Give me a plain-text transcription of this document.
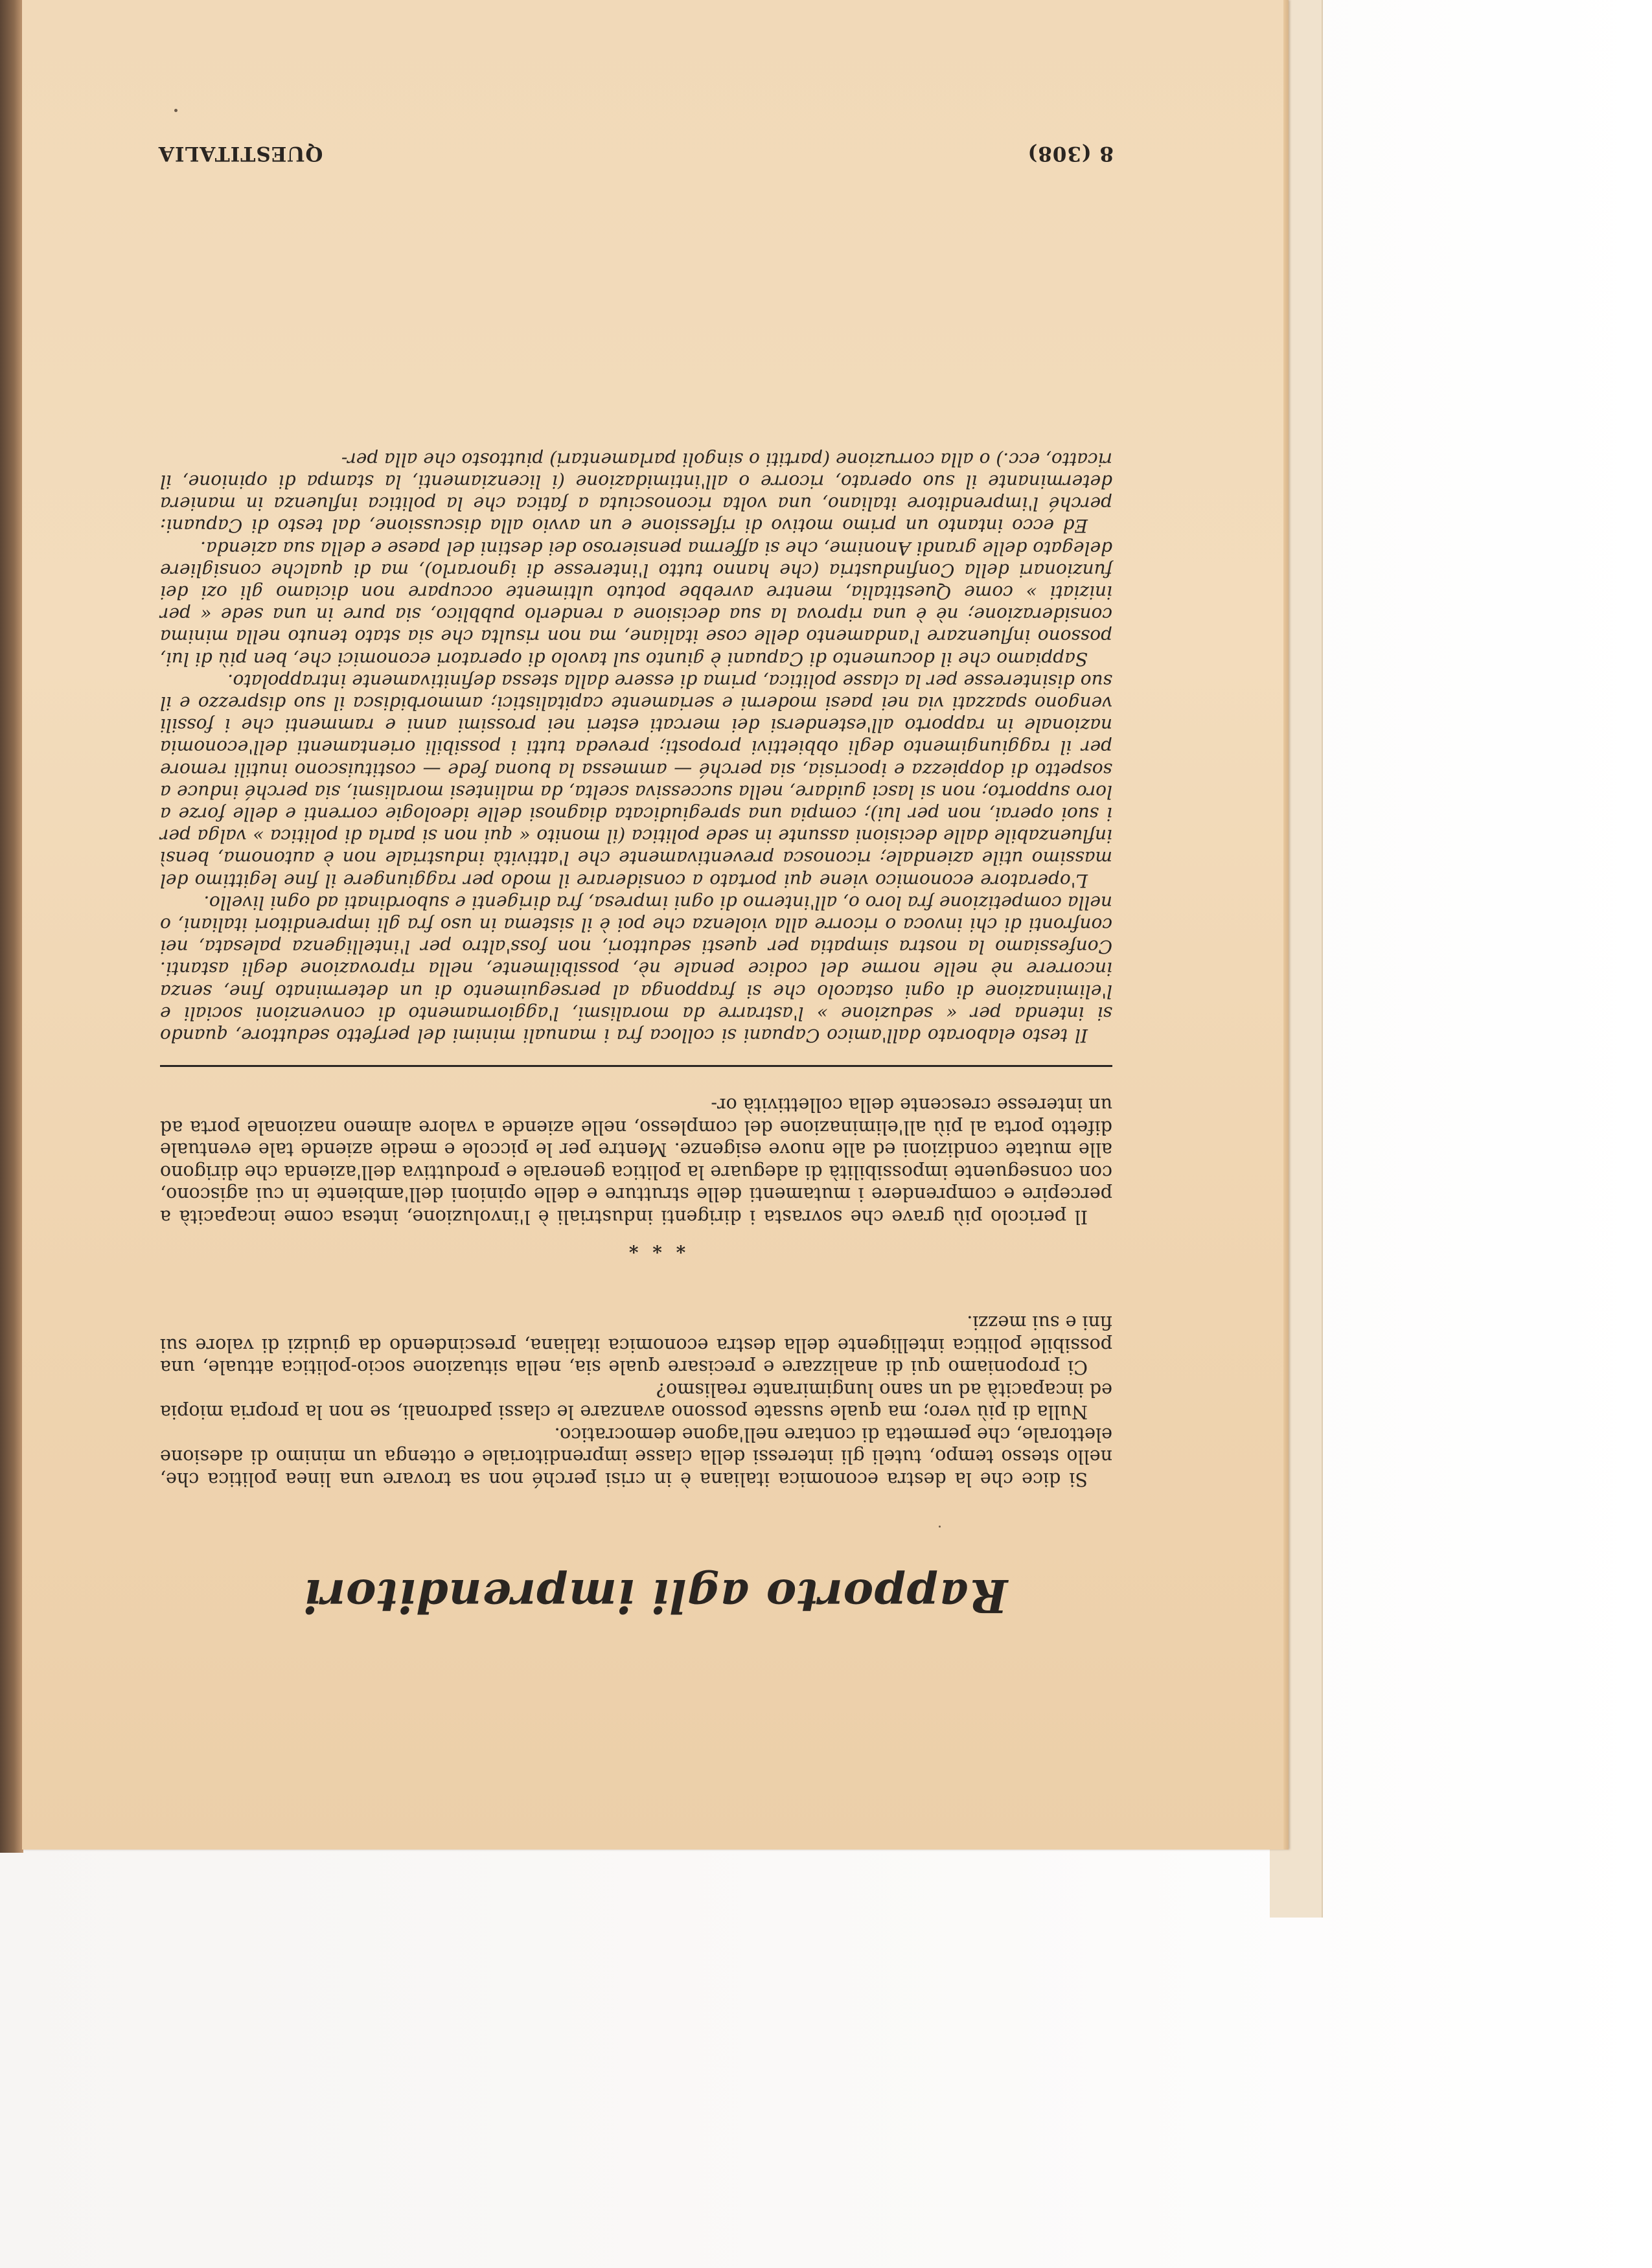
8 (308)
QUESTITALIA
Rapporto agli imprenditori

Si dice che la destra economica italiana è in crisi perché non sa trovare una linea politica che, nello stesso tempo, tuteli gli interessi della classe imprenditoriale e ottenga un minimo di adesione elettorale, che permetta di contare nell'agone democratico.

Nulla di più vero; ma quale sussate possono avanzare le classi padronali, se non la propria miopia ed incapacità ad un sano lungimirante realismo?

Ci proponiamo qui di analizzare e precisare quale sia, nella situazione socio-politica attuale, una possibile politica intelligente della destra economica italiana, prescindendo da giudizi di valore sui fini e sui mezzi.

* * *

Il pericolo più grave che sovrasta i dirigenti industriali è l'involuzione, intesa come incapacità a percepire e comprendere i mutamenti delle strutture e delle opinioni dell'ambiente in cui agiscono, con conseguente impossibilità di adeguare la politica generale e produttiva dell'azienda che dirigono alle mutate condizioni ed alle nuove esigenze. Mentre per le piccole e medie aziende tale eventuale difetto porta al più all'eliminazione del complesso, nelle aziende a valore almeno nazionale porta ad un interesse crescente della collettività or-

Il testo elaborato dall'amico Capuani si colloca fra i manuali minimi del perfetto seduttore, quando si intenda per « seduzione » l'astrarre da moralismi, l'aggiornamento di convenzioni sociali e l'eliminazione di ogni ostacolo che si frapponga al perseguimento di un determinato fine, senza incorrere nè nelle norme del codice penale nè, possibilmente, nella riprovazione degli astanti. Confessiamo la nostra simpatia per questi seduttori, non foss'altro per l'intelligenza palesata, nei confronti di chi invoca o ricorre alla violenza che poi è il sistema in uso fra gli imprenditori italiani, o nella competizione fra loro o, all'interno di ogni impresa, fra dirigenti e subordinati ad ogni livello.

L'operatore economico viene qui portato a considerare il modo per raggiungere il fine legittimo del massimo utile aziendale; riconosca preventivamente che l'attività industriale non è autonoma, bensì influenzabile dalle decisioni assunte in sede politica (il monito « qui non si parla di politica » valga per i suoi operai, non per lui); compia una spregiudicata diagnosi delle ideologie correnti e delle forze a loro supporto; non si lasci guidare, nella successiva scelta, da malintesi moralismi, sia perché induce a sospetto di doppiezza e ipocrisia, sia perché — ammessa la buona fede — costituiscono inutili remore per il raggiungimento degli obbiettivi proposti; preveda tutti i possibili orientamenti dell'economia nazionale in rapporto all'estendersi dei mercati esteri nei prossimi anni e rammenti che i fossili vengono spazzati via nei paesi moderni e seriamente capitalistici; ammorbidisca il suo disprezzo e il suo disinteresse per la classe politica, prima di essere dalla stessa definitivamente intrappolato.

Sappiamo che il documento di Capuani è giunto sul tavolo di operatori economici che, ben più di lui, possono influenzare l'andamento delle cose italiane, ma non risulta che sia stato tenuto nella minima considerazione; nè è una riprova la sua decisione a renderlo pubblico, sia pure in una sede « per iniziati » come Questitalia, mentre avrebbe potuto ultimente occupare non diciamo gli ozi dei funzionari della Confindustria (che hanno tutto l'interesse di ignorarlo), ma di qualche consigliere delegato delle grandi Anonime, che si afferma pensieroso dei destini del paese e della sua azienda.

Ed ecco intanto un primo motivo di riflessione e un avvio alla discussione, dal testo di Capuani: perché l'imprenditore italiano, una volta riconosciuta a fatica che la politica influenza in maniera determinante il suo operato, ricorre o all'intimidazione (i licenziamenti, la stampa di opinione, il ricatto, ecc.) o alla corruzione (partiti o singoli parlamentari) piuttosto che alla per-
